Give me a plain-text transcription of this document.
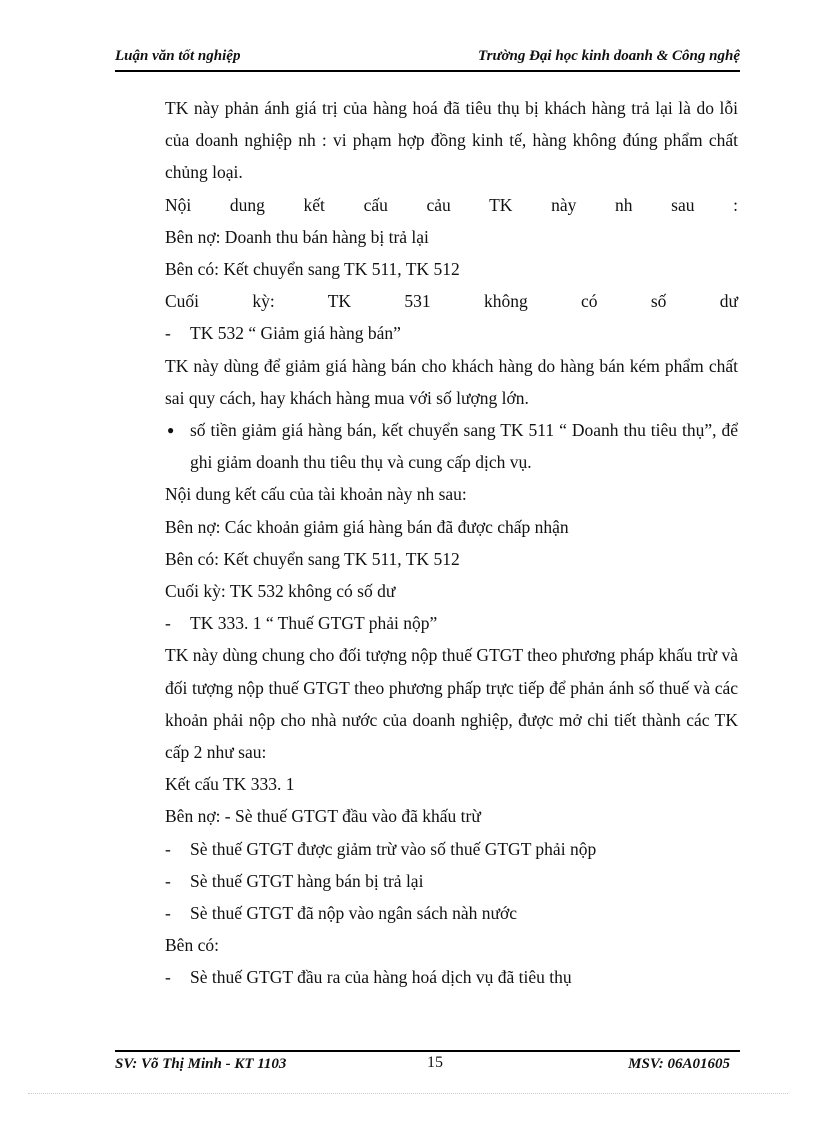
Luận văn tốt nghiệp	Trường Đại học kinh doanh & Công nghệ

TK này phản ánh giá trị của hàng hoá đã tiêu thụ bị khách hàng trả lại là do lỗi của doanh nghiệp nh : vi phạm hợp đồng kinh tế, hàng không đúng phẩm chất chủng loại.

Nội dung kết cấu cảu TK này nh sau :

Bên nợ: Doanh thu bán hàng bị trả lại

Bên có: Kết chuyển sang TK 511, TK 512

Cuối kỳ: TK 531 không có số dư

- TK 532 “ Giảm giá hàng bán”

TK này dùng để giảm giá hàng bán cho khách hàng do hàng bán kém phẩm chất sai quy cách, hay khách hàng mua với số lượng lớn.

● số tiền giảm giá hàng bán, kết chuyển sang TK 511 “ Doanh thu tiêu thụ”, để ghi giảm doanh thu tiêu thụ và cung cấp dịch vụ.

Nội dung kết cấu của tài khoản này nh sau:

Bên nợ: Các khoản giảm giá hàng bán đã được chấp nhận

Bên có: Kết chuyển sang TK 511, TK 512

Cuối kỳ: TK 532 không có số dư

- TK 333. 1 “ Thuế GTGT phải nộp”

TK này dùng chung cho đối tượng nộp thuế GTGT theo phương pháp khấu trừ và đối tượng nộp thuế GTGT theo phương phấp trực tiếp để phản ánh số thuế và các khoản phải nộp cho nhà nước của doanh nghiệp, được mở chi tiết thành các TK cấp 2 như sau:

Kết cấu TK 333. 1

Bên nợ: - Sè thuế GTGT đầu vào đã khấu trừ

- Sè thuế GTGT được giảm trừ vào số thuế GTGT phải nộp

- Sè thuế GTGT hàng bán bị trả lại

- Sè thuế GTGT đã nộp vào ngân sách nàh nước

Bên có:

- Sè thuế GTGT đầu ra của hàng hoá dịch vụ đã tiêu thụ

SV: Võ Thị Minh - KT 1103	15	MSV: 06A01605
